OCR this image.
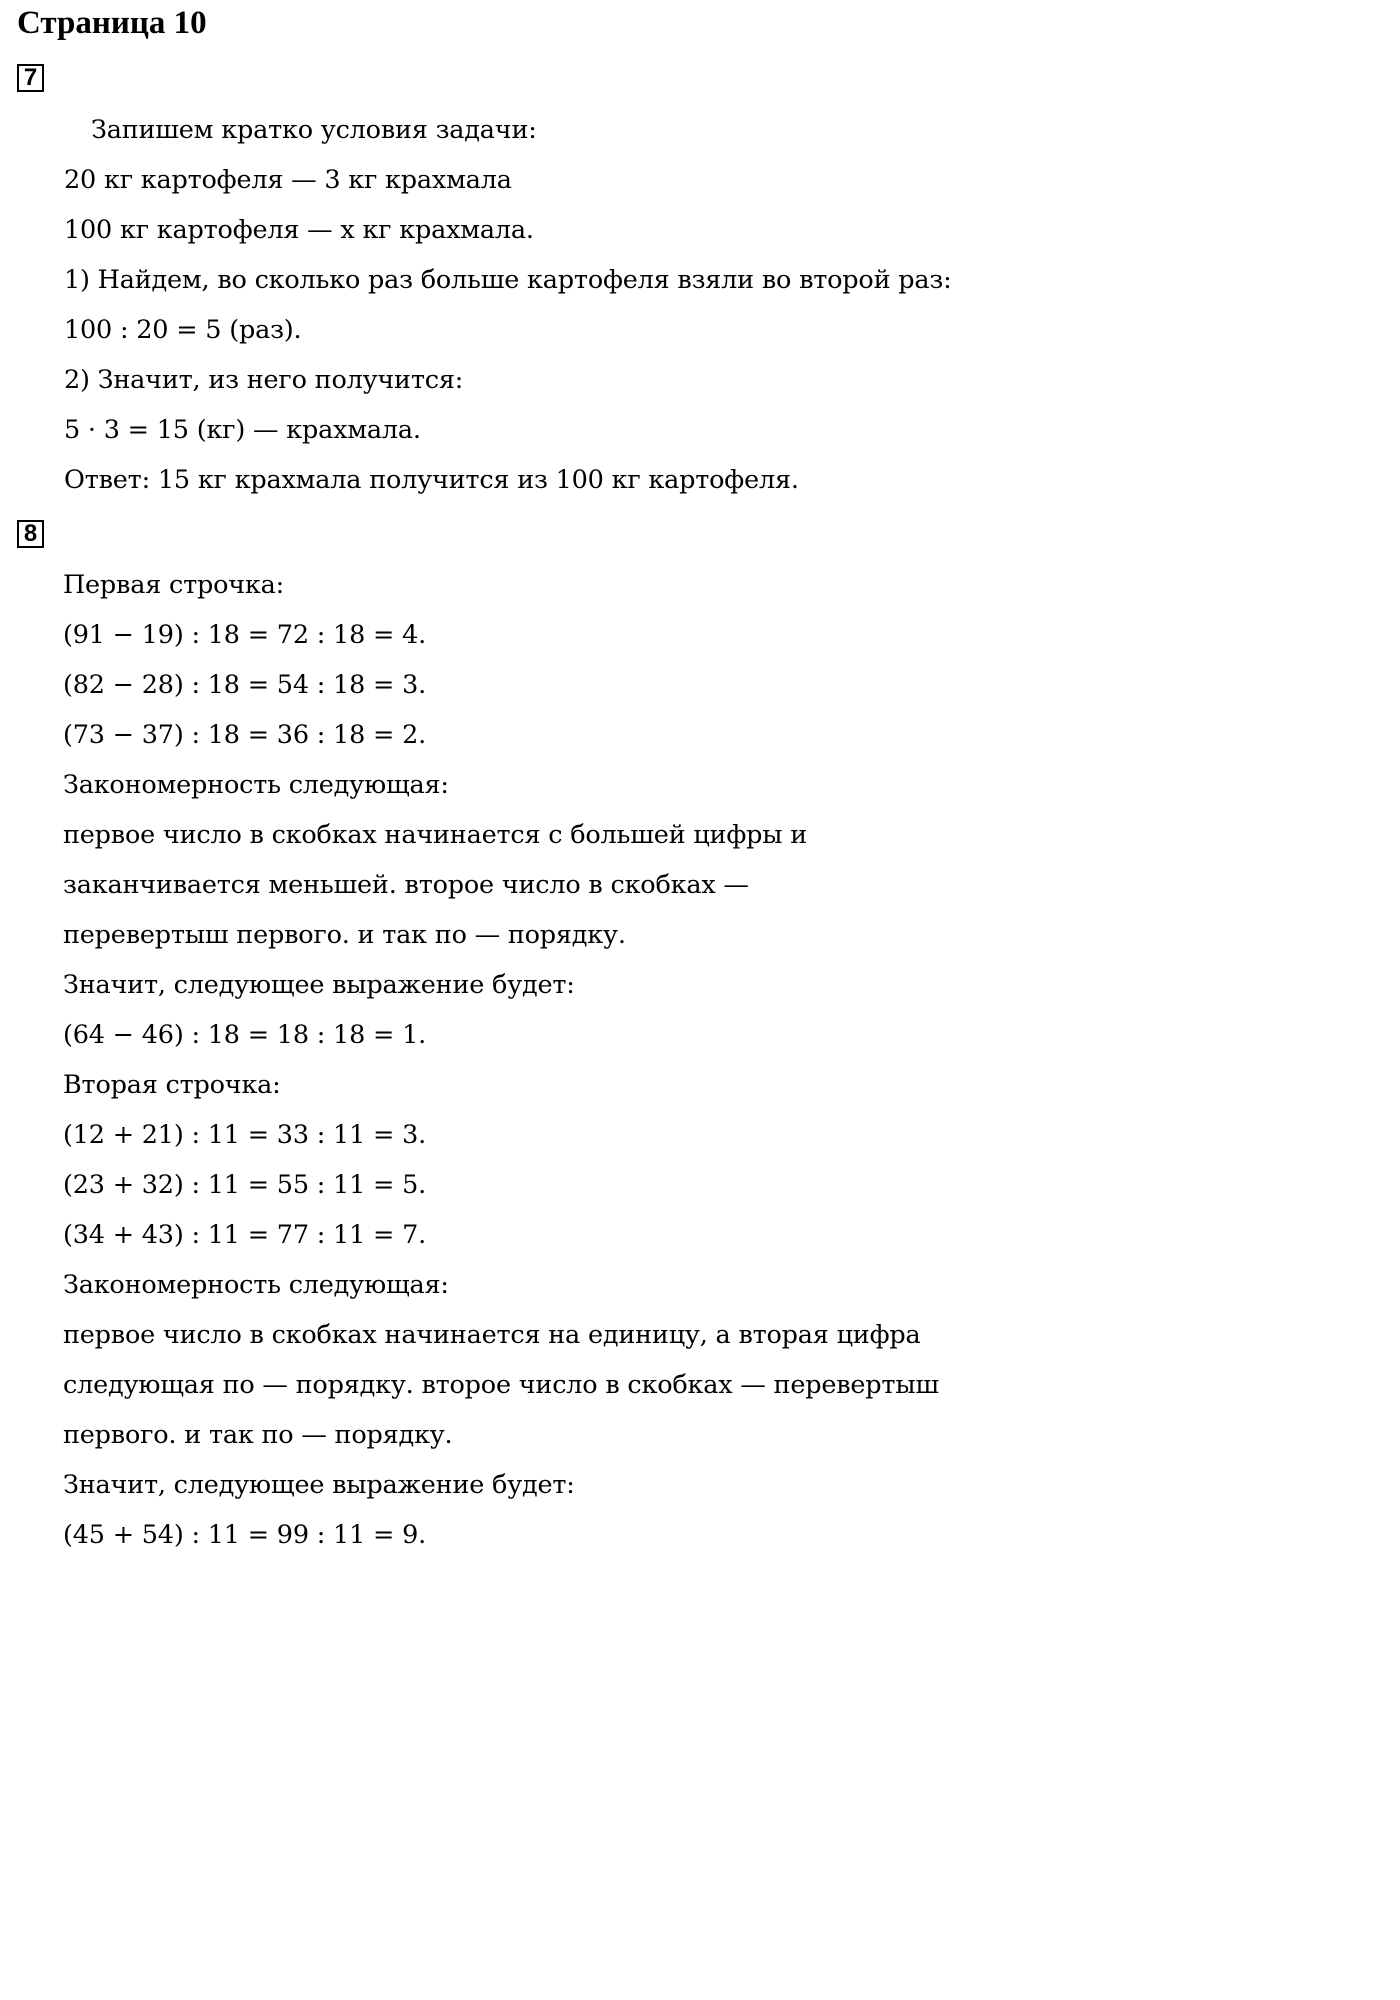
Страница 10
7
Запишем кратко условия задачи:
20 кг картофеля — 3 кг крахмала
100 кг картофеля — x кг крахмала.
1) Найдем, во сколько раз больше картофеля взяли во второй раз:
100 : 20 = 5 (раз).
2) Значит, из него получится:
5 · 3 = 15 (кг) — крахмала.
Ответ: 15 кг крахмала получится из 100 кг картофеля.
8
Первая строчка:
(91 − 19) : 18 = 72 : 18 = 4.
(82 − 28) : 18 = 54 : 18 = 3.
(73 − 37) : 18 = 36 : 18 = 2.
Закономерность следующая:
первое число в скобках начинается с большей цифры и
заканчивается меньшей. второе число в скобках —
перевертыш первого. и так по — порядку.
Значит, следующее выражение будет:
(64 − 46) : 18 = 18 : 18 = 1.
Вторая строчка:
(12 + 21) : 11 = 33 : 11 = 3.
(23 + 32) : 11 = 55 : 11 = 5.
(34 + 43) : 11 = 77 : 11 = 7.
Закономерность следующая:
первое число в скобках начинается на единицу, а вторая цифра
следующая по — порядку. второе число в скобках — перевертыш
первого. и так по — порядку.
Значит, следующее выражение будет:
(45 + 54) : 11 = 99 : 11 = 9.
